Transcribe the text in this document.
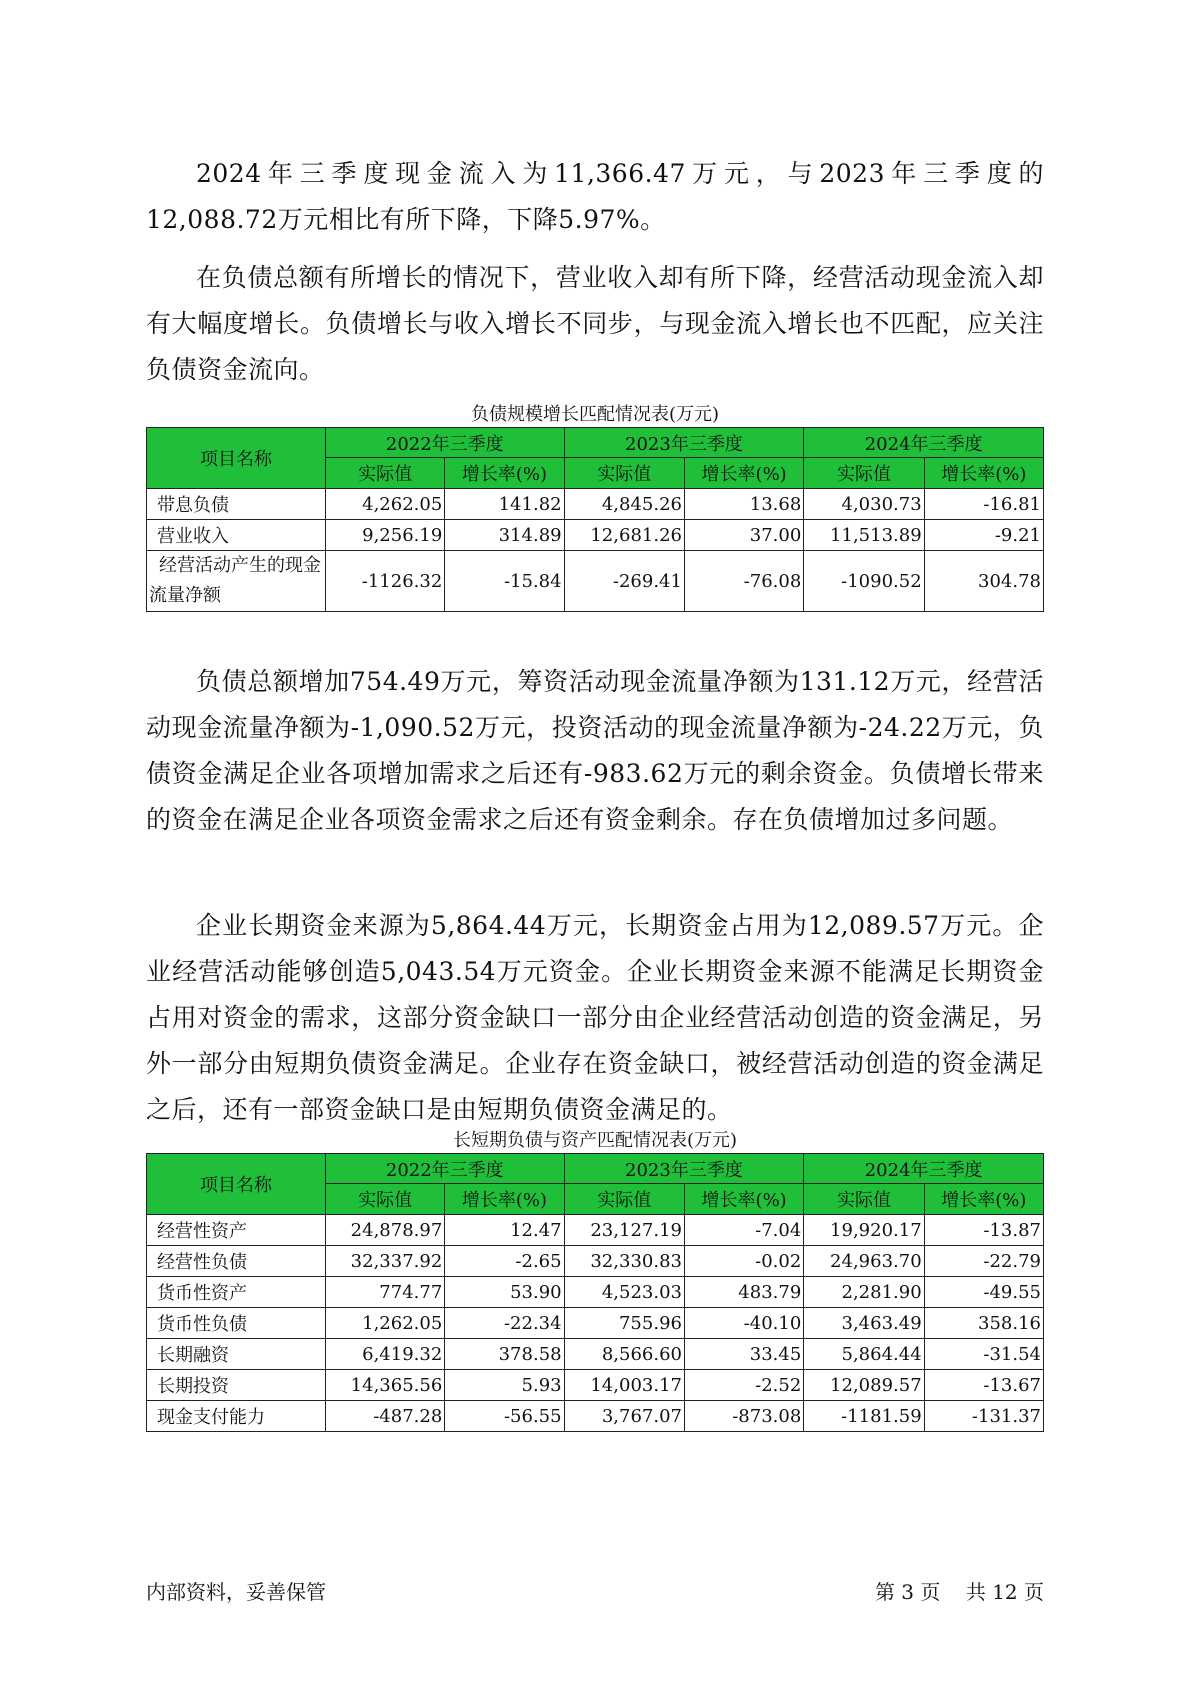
2024年三季度现金流入为11,366.47万元，与2023年三季度的12,088.72万元相比有所下降，下降5.97%。

在负债总额有所增长的情况下，营业收入却有所下降，经营活动现金流入却有大幅度增长。负债增长与收入增长不同步，与现金流入增长也不匹配，应关注负债资金流向。

负债规模增长匹配情况表(万元)

项目名称	2022年三季度		2023年三季度		2024年三季度	
	实际值	增长率(%)	实际值	增长率(%)	实际值	增长率(%)
带息负债	4,262.05	141.82	4,845.26	13.68	4,030.73	-16.81
营业收入	9,256.19	314.89	12,681.26	37.00	11,513.89	-9.21
经营活动产生的现金流量净额	-1126.32	-15.84	-269.41	-76.08	-1090.52	304.78

负债总额增加754.49万元，筹资活动现金流量净额为131.12万元，经营活动现金流量净额为-1,090.52万元，投资活动的现金流量净额为-24.22万元，负债资金满足企业各项增加需求之后还有-983.62万元的剩余资金。负债增长带来的资金在满足企业各项资金需求之后还有资金剩余。存在负债增加过多问题。

企业长期资金来源为5,864.44万元，长期资金占用为12,089.57万元。企业经营活动能够创造5,043.54万元资金。企业长期资金来源不能满足长期资金占用对资金的需求，这部分资金缺口一部分由企业经营活动创造的资金满足，另外一部分由短期负债资金满足。企业存在资金缺口，被经营活动创造的资金满足之后，还有一部资金缺口是由短期负债资金满足的。

长短期负债与资产匹配情况表(万元)

项目名称	2022年三季度		2023年三季度		2024年三季度	
	实际值	增长率(%)	实际值	增长率(%)	实际值	增长率(%)
经营性资产	24,878.97	12.47	23,127.19	-7.04	19,920.17	-13.87
经营性负债	32,337.92	-2.65	32,330.83	-0.02	24,963.70	-22.79
货币性资产	774.77	53.90	4,523.03	483.79	2,281.90	-49.55
货币性负债	1,262.05	-22.34	755.96	-40.10	3,463.49	358.16
长期融资	6,419.32	378.58	8,566.60	33.45	5,864.44	-31.54
长期投资	14,365.56	5.93	14,003.17	-2.52	12,089.57	-13.67
现金支付能力	-487.28	-56.55	3,767.07	-873.08	-1181.59	-131.37

内部资料，妥善保管	第 3 页 共 12 页
